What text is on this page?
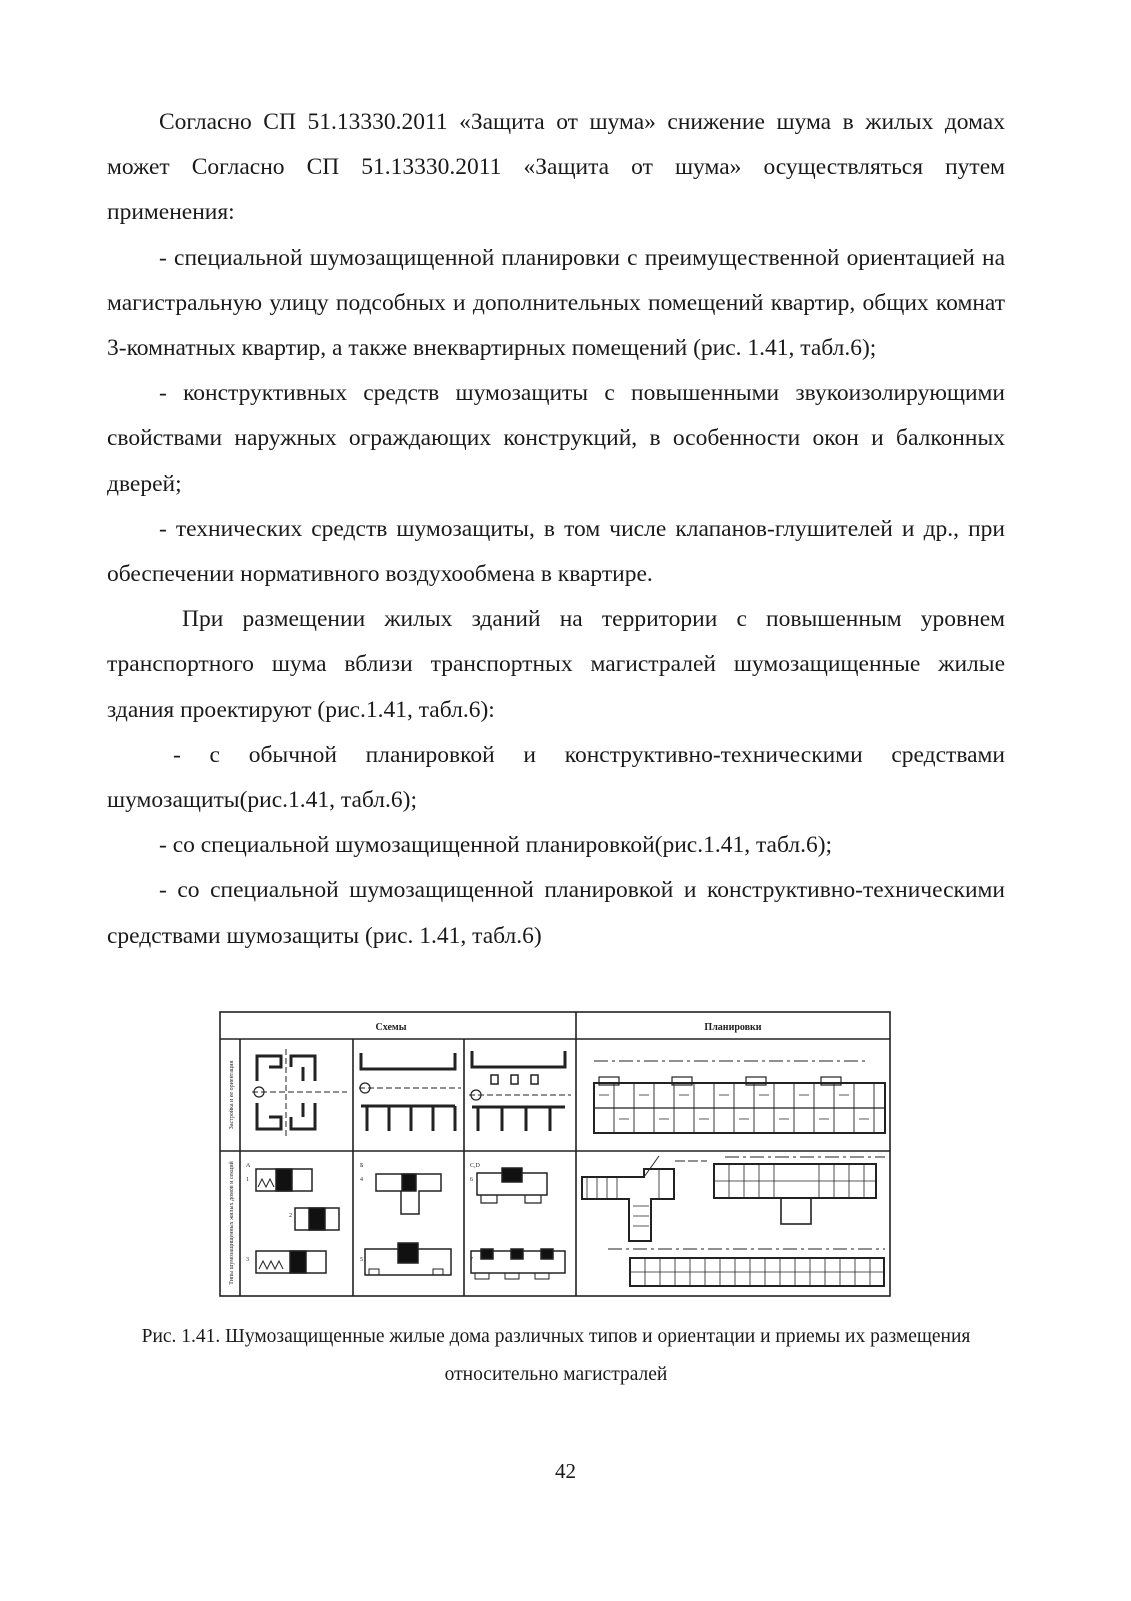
Согласно СП 51.13330.2011 «Защита от шума» снижение шума в жилых домах может Согласно СП 51.13330.2011 «Защита от шума» осуществляться путем применения:

- специальной шумозащищенной планировки с преимущественной ориентацией на магистральную улицу подсобных и дополнительных помещений квартир, общих комнат 3-комнатных квартир, а также внеквартирных помещений (рис. 1.41, табл.6);

- конструктивных средств шумозащиты с повышенными звукоизолирующими свойствами наружных ограждающих конструкций, в особенности окон и балконных дверей;

- технических средств шумозащиты, в том числе клапанов-глушителей и др., при обеспечении нормативного воздухообмена в квартире.

При размещении жилых зданий на территории с повышенным уровнем транспортного шума вблизи транспортных магистралей шумозащищенные жилые здания проектируют (рис.1.41, табл.6):

- с обычной планировкой и конструктивно-техническими средствами шумозащиты(рис.1.41, табл.6);

- со специальной шумозащищенной планировкой(рис.1.41, табл.6);

- со специальной шумозащищенной планировкой и конструктивно-техническими средствами шумозащиты (рис. 1.41, табл.6)

Схемы	Планировки
Застройка и ее ориентация
Типы шумозащищенных жилых домов и секций A	Б	C,D
1
2
3
4
5
6
7
Рис. 1.41. Шумозащищенные жилые дома различных типов и ориентации и приемы их размещения относительно магистралей
42
